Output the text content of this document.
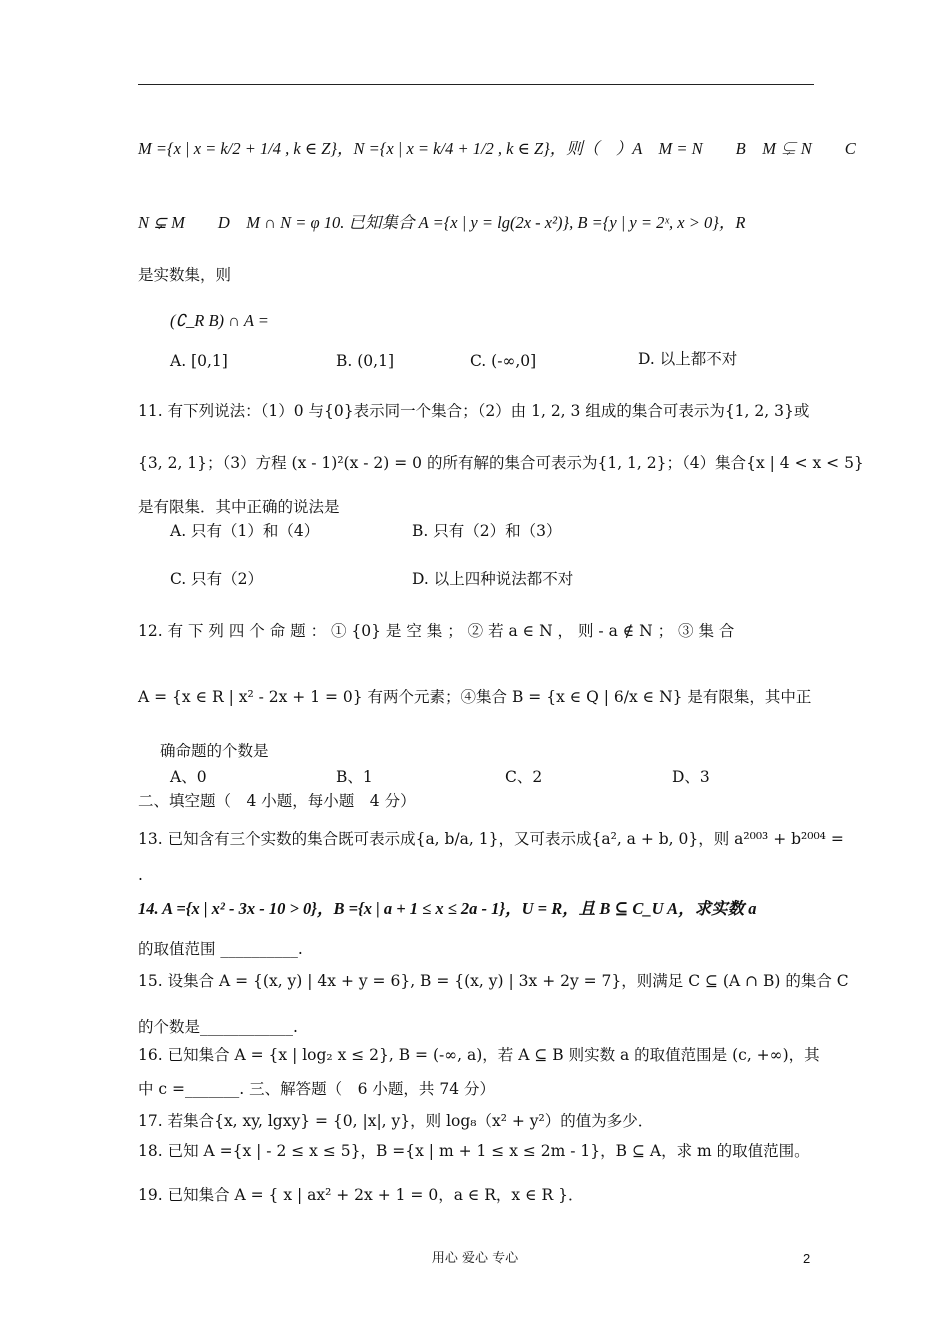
M ={x | x = k/2 + 1/4 , k ∈ Z}，N ={x | x = k/4 + 1/2 , k ∈ Z}，则（　）A　M = N　　B　M ⊊ N　　C
N ⊊ M　　D　M ∩ N = φ 10. 已知集合 A ={x | y = lg(2x - x²)}, B ={y | y = 2ˣ, x > 0}，R
是实数集，则
(∁_R B) ∩ A =
A. [0,1]	B. (0,1]	C. (-∞,0]	D. 以上都不对
11. 有下列说法：（1）0 与{0}表示同一个集合；（2）由 1, 2, 3 组成的集合可表示为{1, 2, 3}或
{3, 2, 1}；（3）方程 (x - 1)²(x - 2) = 0 的所有解的集合可表示为{1, 1, 2}；（4）集合{x | 4 < x < 5}
是有限集．其中正确的说法是
A. 只有（1）和（4）	B. 只有（2）和（3）
C. 只有（2）	D. 以上四种说法都不对
12. 有 下 列 四 个 命 题 ： ① {0} 是 空 集 ； ② 若 a ∈ N ， 则 - a ∉ N ； ③ 集 合
A = {x ∈ R | x² - 2x + 1 = 0} 有两个元素；④集合 B = {x ∈ Q | 6/x ∈ N} 是有限集，其中正
确命题的个数是
A、0	B、1	C、2	D、3
二、填空题（　4 小题，每小题　4 分）
13. 已知含有三个实数的集合既可表示成{a, b/a, 1}，又可表示成{a², a + b, 0}，则 a²⁰⁰³ + b²⁰⁰⁴ =
.
14. A ={x | x² - 3x - 10 > 0}，B ={x | a + 1 ≤ x ≤ 2a - 1}，U = R，且 B ⊆ C_U A，求实数 a
的取值范围 __________.
15. 设集合 A = {(x, y) | 4x + y = 6}, B = {(x, y) | 3x + 2y = 7}，则满足 C ⊆ (A ∩ B) 的集合 C
的个数是____________.
16. 已知集合 A = {x | log₂ x ≤ 2}, B = (-∞, a)，若 A ⊆ B 则实数 a 的取值范围是 (c, +∞)，其
中 c =_______. 三、解答题（　6 小题，共 74 分）
17. 若集合{x, xy, lgxy} = {0, |x|, y}，则 log₈（x² + y²）的值为多少．
18. 已知 A ={x | - 2 ≤ x ≤ 5}，B ={x | m + 1 ≤ x ≤ 2m - 1}，B ⊆ A，求 m 的取值范围。
19. 已知集合 A = { x | ax² + 2x + 1 = 0，a ∈ R，x ∈ R }．
用心 爱心 专心	2
